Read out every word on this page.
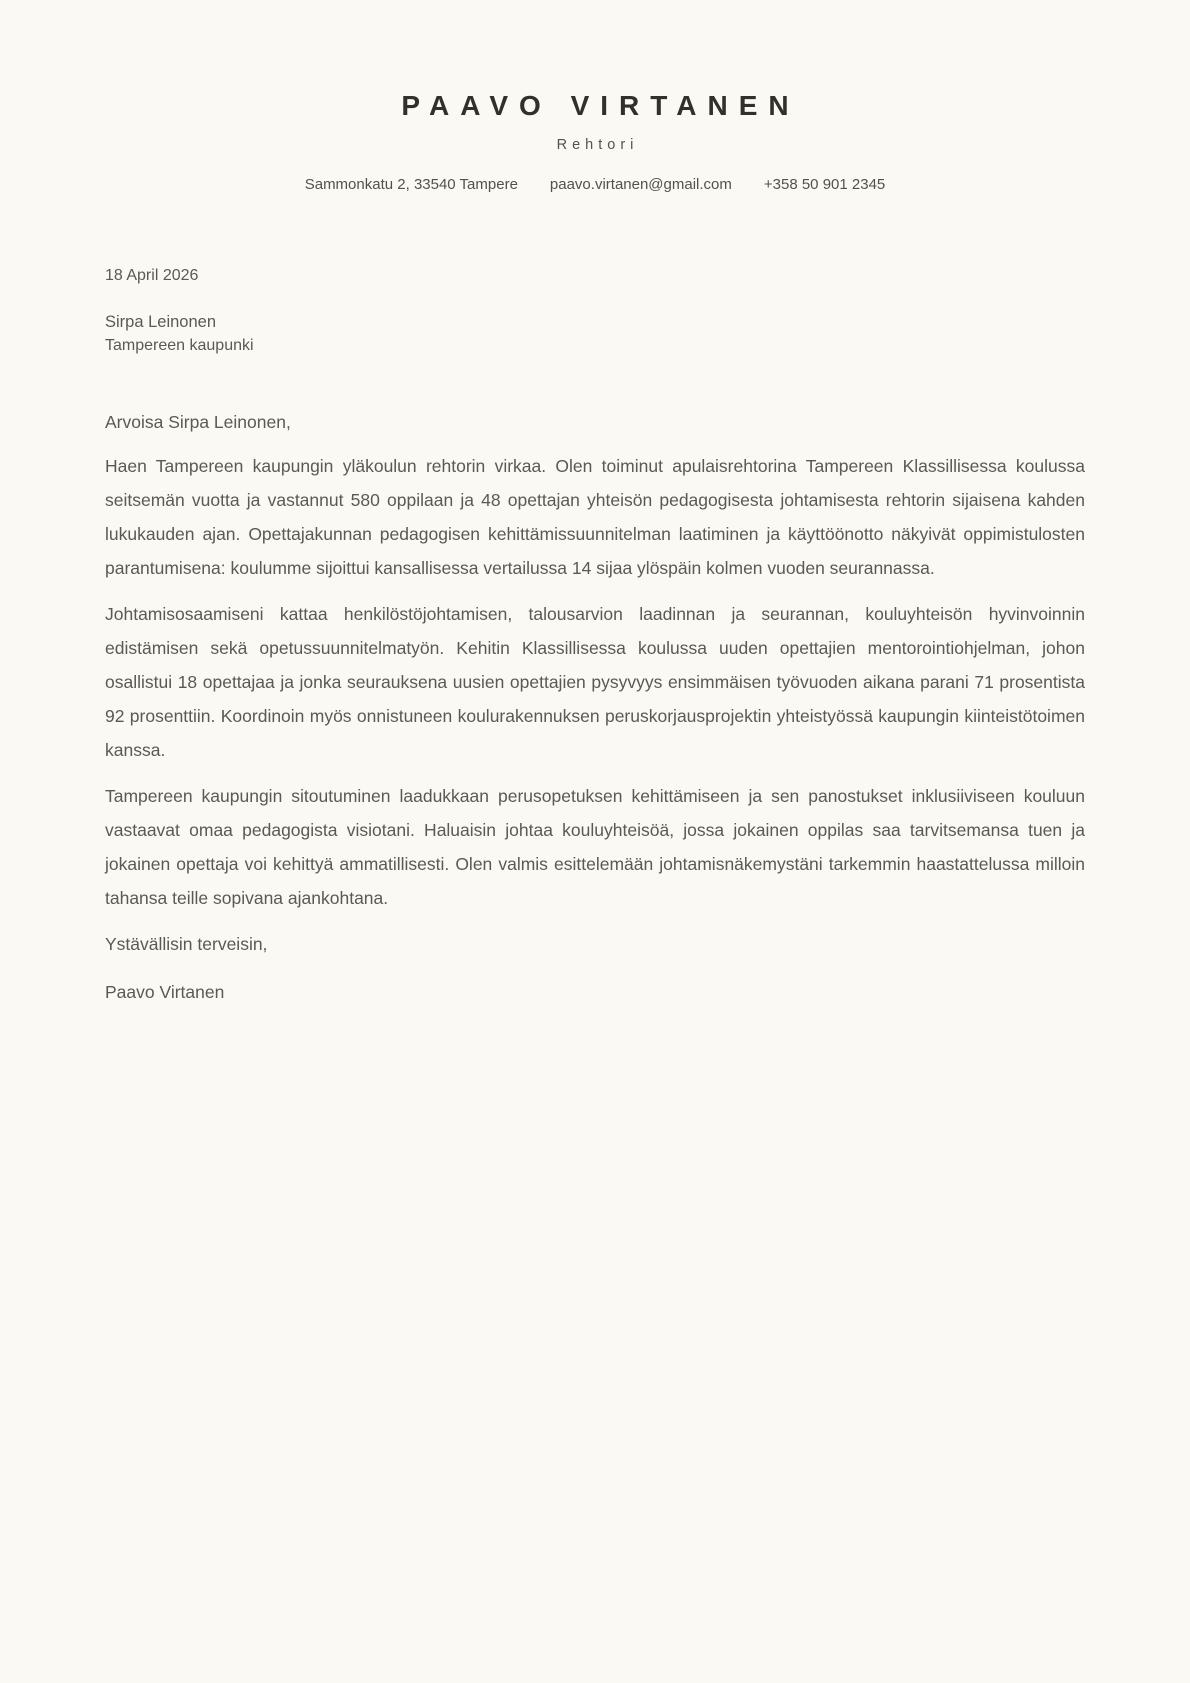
PAAVO VIRTANEN
Rehtori
Sammonkatu 2, 33540 Tampere paavo.virtanen@gmail.com +358 50 901 2345
18 April 2026
Sirpa Leinonen
Tampereen kaupunki

Arvoisa Sirpa Leinonen,

Haen Tampereen kaupungin yläkoulun rehtorin virkaa. Olen toiminut apulaisrehtorina Tampereen Klassillisessa koulussa seitsemän vuotta ja vastannut 580 oppilaan ja 48 opettajan yhteisön pedagogisesta johtamisesta rehtorin sijaisena kahden lukukauden ajan. Opettajakunnan pedagogisen kehittämissuunnitelman laatiminen ja käyttöönotto näkyivät oppimistulosten parantumisena: koulumme sijoittui kansallisessa vertailussa 14 sijaa ylöspäin kolmen vuoden seurannassa.

Johtamisosaamiseni kattaa henkilöstöjohtamisen, talousarvion laadinnan ja seurannan, kouluyhteisön hyvinvoinnin edistämisen sekä opetussuunnitelmatyön. Kehitin Klassillisessa koulussa uuden opettajien mentorointiohjelman, johon osallistui 18 opettajaa ja jonka seurauksena uusien opettajien pysyvyys ensimmäisen työvuoden aikana parani 71 prosentista 92 prosenttiin. Koordinoin myös onnistuneen koulurakennuksen peruskorjausprojektin yhteistyössä kaupungin kiinteistötoimen kanssa.

Tampereen kaupungin sitoutuminen laadukkaan perusopetuksen kehittämiseen ja sen panostukset inklusiiviseen kouluun vastaavat omaa pedagogista visiotani. Haluaisin johtaa kouluyhteisöä, jossa jokainen oppilas saa tarvitsemansa tuen ja jokainen opettaja voi kehittyä ammatillisesti. Olen valmis esittelemään johtamisnäkemystäni tarkemmin haastattelussa milloin tahansa teille sopivana ajankohtana.

Ystävällisin terveisin,

Paavo Virtanen
